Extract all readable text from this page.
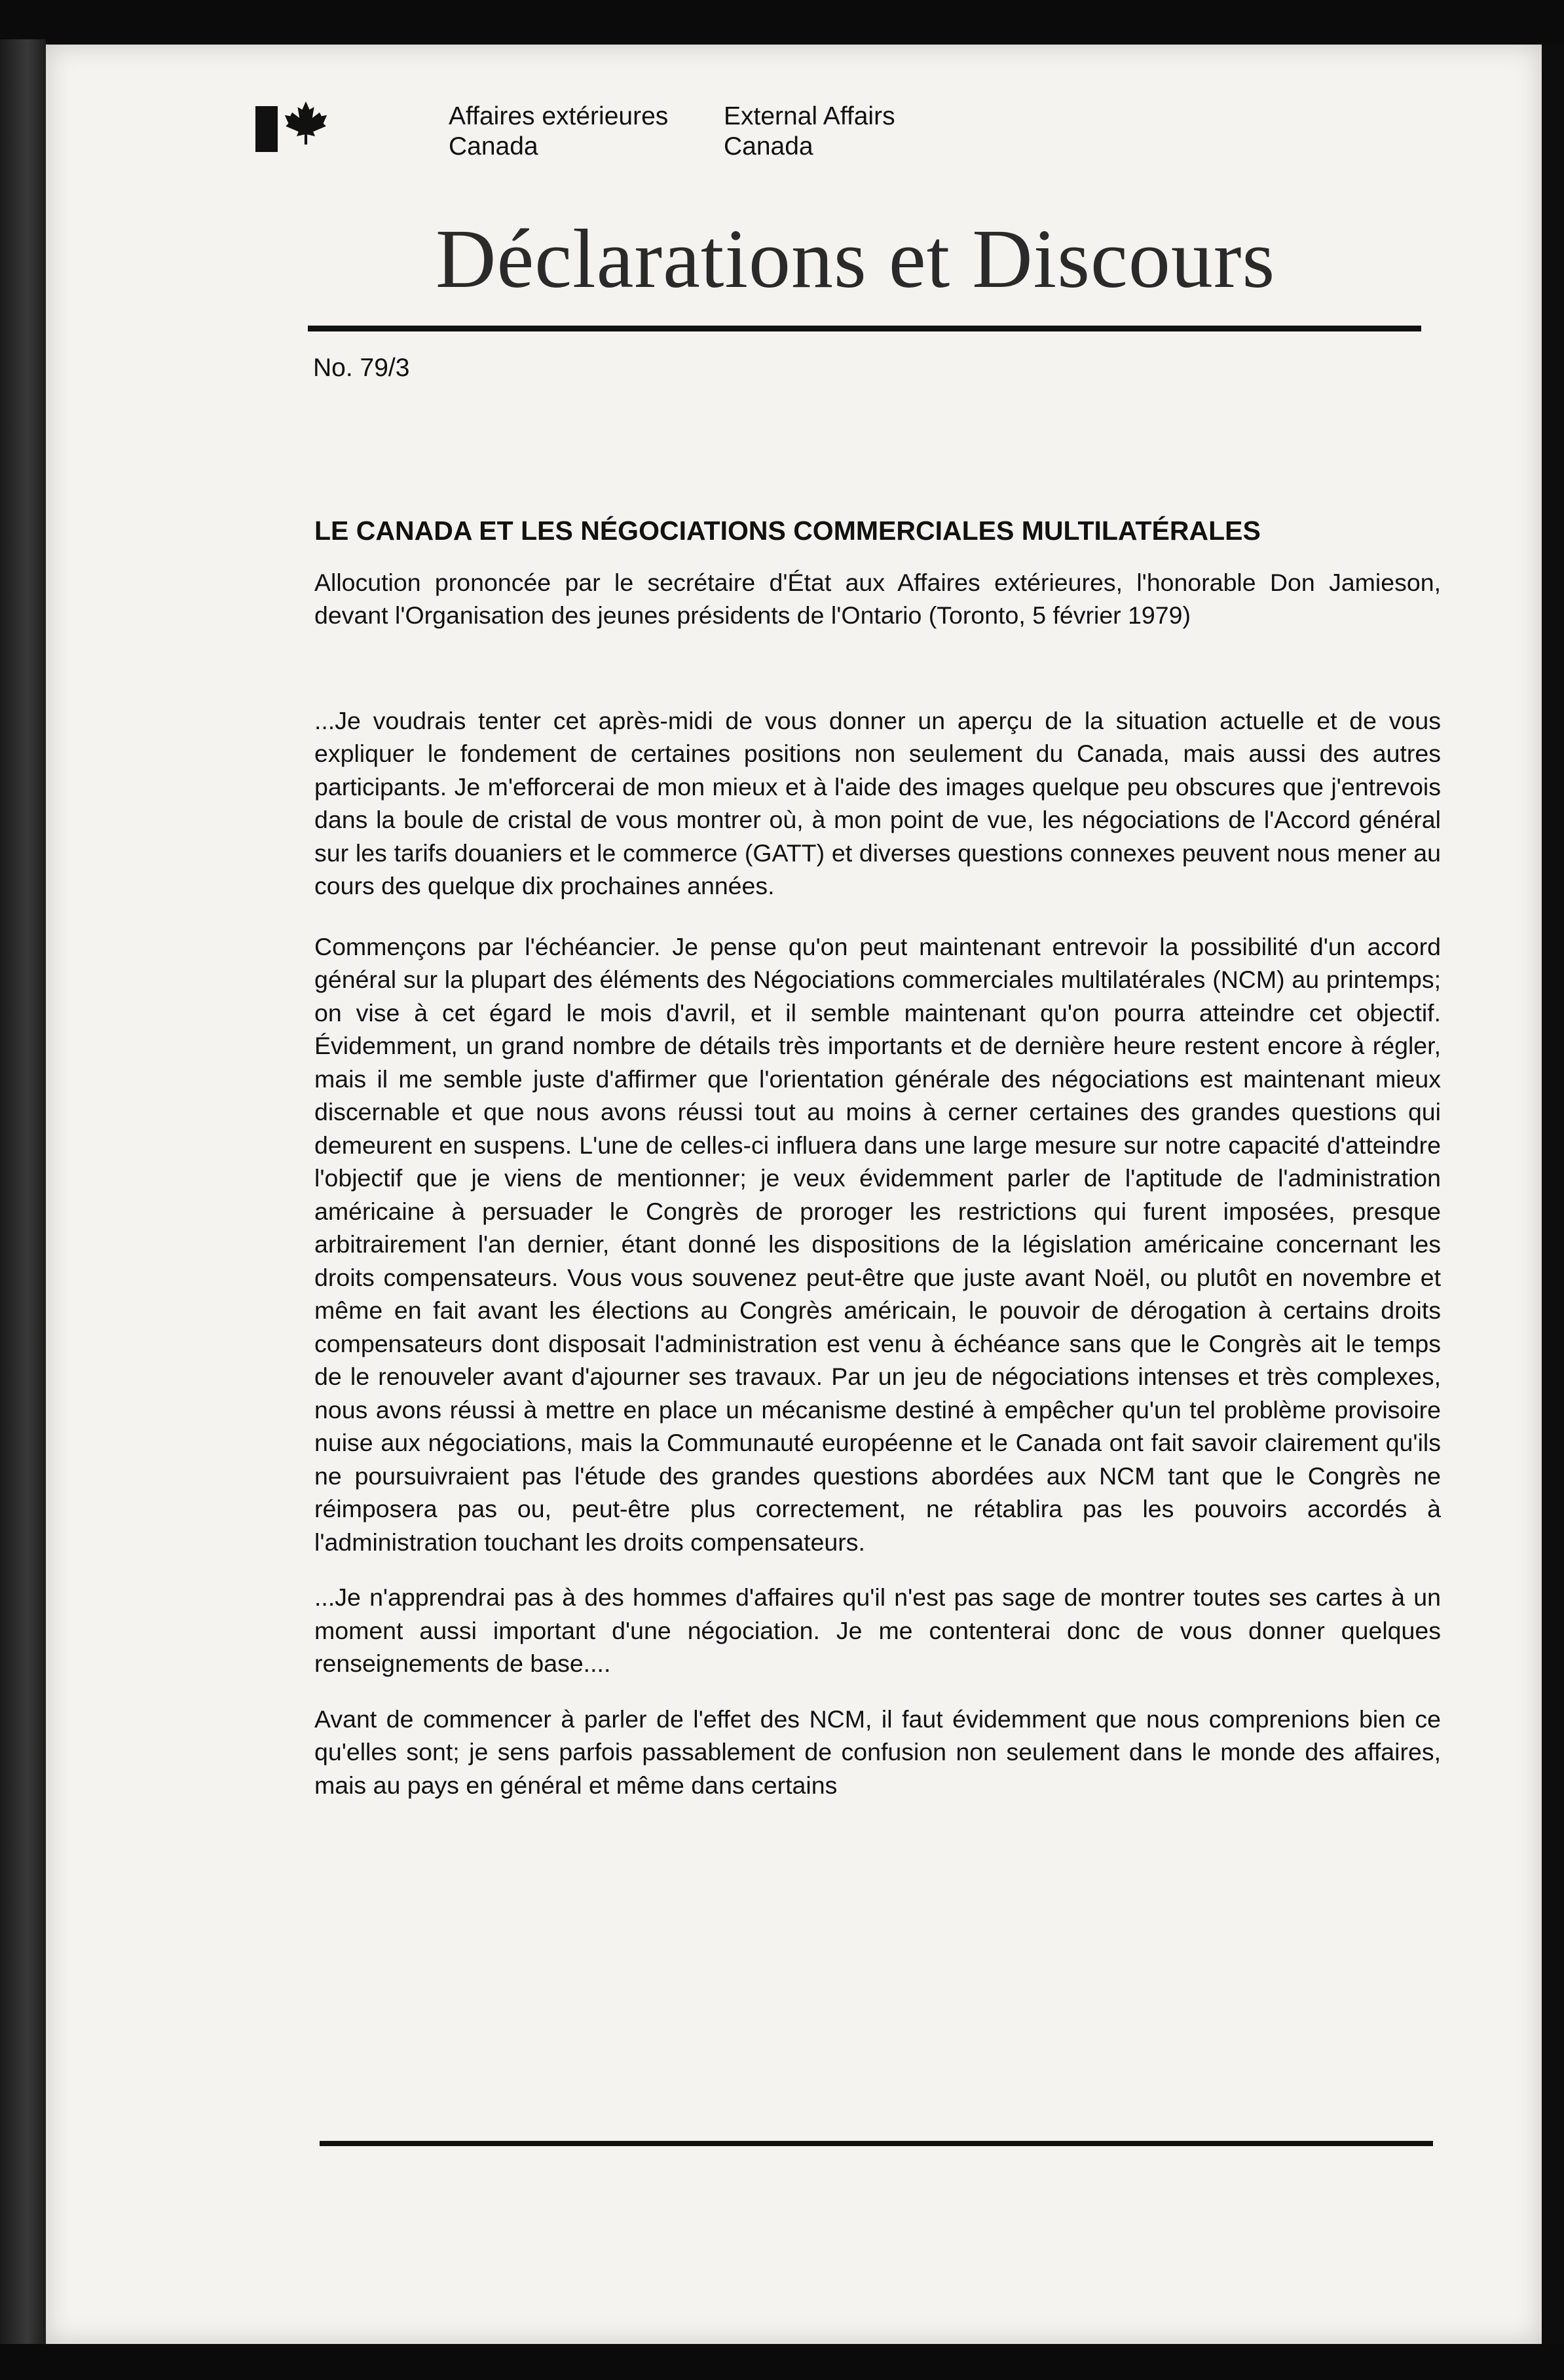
Affaires extérieures
Canada
External Affairs
Canada
Déclarations et Discours
No. 79/3
LE CANADA ET LES NÉGOCIATIONS COMMERCIALES MULTILATÉRALES
Allocution prononcée par le secrétaire d'État aux Affaires extérieures, l'honorable Don Jamieson, devant l'Organisation des jeunes présidents de l'Ontario (Toronto, 5 février 1979)

...Je voudrais tenter cet après-midi de vous donner un aperçu de la situation actuelle et de vous expliquer le fondement de certaines positions non seulement du Canada, mais aussi des autres participants. Je m'efforcerai de mon mieux et à l'aide des images quelque peu obscures que j'entrevois dans la boule de cristal de vous montrer où, à mon point de vue, les négociations de l'Accord général sur les tarifs douaniers et le commerce (GATT) et diverses questions connexes peuvent nous mener au cours des quelque dix prochaines années.

Commençons par l'échéancier. Je pense qu'on peut maintenant entrevoir la possibilité d'un accord général sur la plupart des éléments des Négociations commerciales multilatérales (NCM) au printemps; on vise à cet égard le mois d'avril, et il semble maintenant qu'on pourra atteindre cet objectif. Évidemment, un grand nombre de détails très importants et de dernière heure restent encore à régler, mais il me semble juste d'affirmer que l'orientation générale des négociations est maintenant mieux discernable et que nous avons réussi tout au moins à cerner certaines des grandes questions qui demeurent en suspens. L'une de celles-ci influera dans une large mesure sur notre capacité d'atteindre l'objectif que je viens de mentionner; je veux évidemment parler de l'aptitude de l'administration américaine à persuader le Congrès de proroger les restrictions qui furent imposées, presque arbitrairement l'an dernier, étant donné les dispositions de la législation américaine concernant les droits compensateurs. Vous vous souvenez peut-être que juste avant Noël, ou plutôt en novembre et même en fait avant les élections au Congrès américain, le pouvoir de dérogation à certains droits compensateurs dont disposait l'administration est venu à échéance sans que le Congrès ait le temps de le renouveler avant d'ajourner ses travaux. Par un jeu de négociations intenses et très complexes, nous avons réussi à mettre en place un mécanisme destiné à empêcher qu'un tel problème provisoire nuise aux négociations, mais la Communauté européenne et le Canada ont fait savoir clairement qu'ils ne poursuivraient pas l'étude des grandes questions abordées aux NCM tant que le Congrès ne réimposera pas ou, peut-être plus correctement, ne rétablira pas les pouvoirs accordés à l'administration touchant les droits compensateurs.

...Je n'apprendrai pas à des hommes d'affaires qu'il n'est pas sage de montrer toutes ses cartes à un moment aussi important d'une négociation. Je me contenterai donc de vous donner quelques renseignements de base....

Avant de commencer à parler de l'effet des NCM, il faut évidemment que nous comprenions bien ce qu'elles sont; je sens parfois passablement de confusion non seulement dans le monde des affaires, mais au pays en général et même dans certains
